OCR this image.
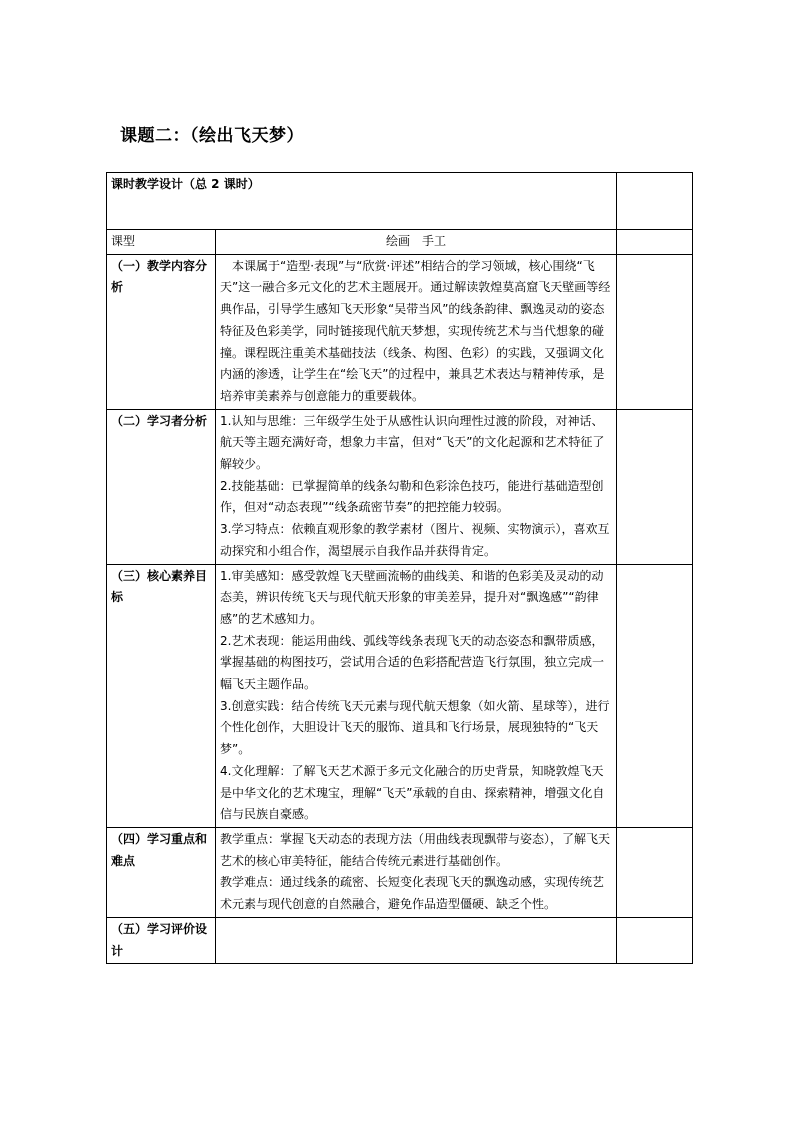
课题二：（绘出飞天梦）
课时教学设计（总 2 课时）		
课型	绘画　手工	
（一）教学内容分析	本课属于“造型·表现”与“欣赏·评述”相结合的学习领域，核心围绕“飞天”这一融合多元文化的艺术主题展开。通过解读敦煌莫高窟飞天壁画等经典作品，引导学生感知飞天形象“吴带当风”的线条韵律、飘逸灵动的姿态特征及色彩美学，同时链接现代航天梦想，实现传统艺术与当代想象的碰撞。课程既注重美术基础技法（线条、构图、色彩）的实践，又强调文化内涵的渗透，让学生在“绘飞天”的过程中，兼具艺术表达与精神传承，是培养审美素养与创意能力的重要载体。	

（二）学习者分析	1.认知与思维：三年级学生处于从感性认识向理性过渡的阶段，对神话、航天等主题充满好奇，想象力丰富，但对“飞天”的文化起源和艺术特征了解较少。

2.技能基础：已掌握简单的线条勾勒和色彩涂色技巧，能进行基础造型创作，但对“动态表现”“线条疏密节奏”的把控能力较弱。

3.学习特点：依赖直观形象的教学素材（图片、视频、实物演示），喜欢互动探究和小组合作，渴望展示自我作品并获得肯定。	

（三）核心素养目标	1.审美感知：感受敦煌飞天壁画流畅的曲线美、和谐的色彩美及灵动的动态美，辨识传统飞天与现代航天形象的审美差异，提升对“飘逸感”“韵律感”的艺术感知力。

2.艺术表现：能运用曲线、弧线等线条表现飞天的动态姿态和飘带质感，掌握基础的构图技巧，尝试用合适的色彩搭配营造飞行氛围，独立完成一幅飞天主题作品。

3.创意实践：结合传统飞天元素与现代航天想象（如火箭、星球等），进行个性化创作，大胆设计飞天的服饰、道具和飞行场景，展现独特的“飞天梦”。

4.文化理解：了解飞天艺术源于多元文化融合的历史背景，知晓敦煌飞天是中华文化的艺术瑰宝，理解“飞天”承载的自由、探索精神，增强文化自信与民族自豪感。	

（四）学习重点和难点	教学重点：掌握飞天动态的表现方法（用曲线表现飘带与姿态），了解飞天艺术的核心审美特征，能结合传统元素进行基础创作。

教学难点：通过线条的疏密、长短变化表现飞天的飘逸动感，实现传统艺术元素与现代创意的自然融合，避免作品造型僵硬、缺乏个性。	

（五）学习评价设计		
